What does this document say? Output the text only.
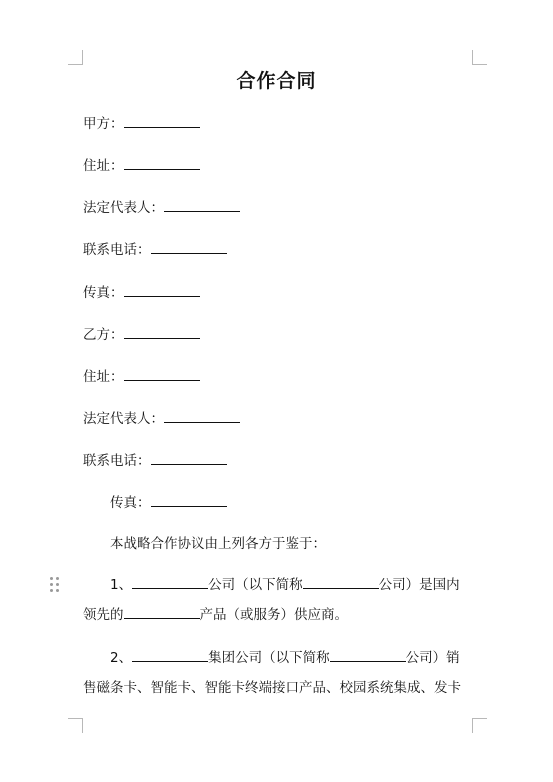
合作合同
甲方：
住址：
法定代表人：
联系电话：
传真：
乙方：
住址：
法定代表人：
联系电话：
传真：
本战略合作协议由上列各方于鉴于：

1、	公司（以下简称	公司）是国内

领先的	产品（或服务）供应商。

2、	集团公司（以下简称	公司）销

售磁条卡、智能卡、智能卡终端接口产品、校园系统集成、发卡
